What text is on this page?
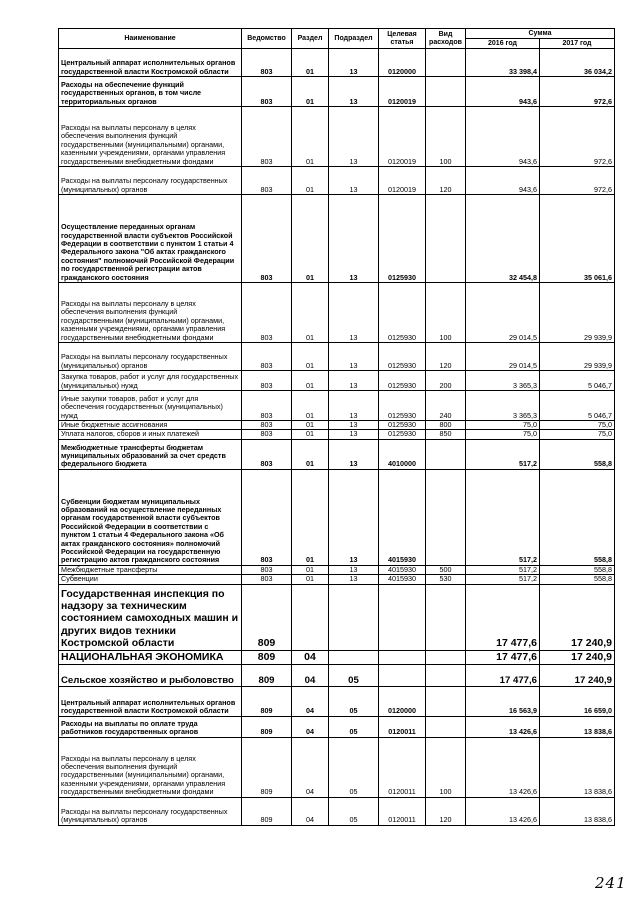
Наименование	Ведомство	Раздел	Подраздел	Целевая статья	Вид расходов	Сумма	
						2016 год	2017 год
Центральный аппарат исполнительных органов государственной власти Костромской области	803	01	13	0120000		33 398,4	36 034,2
Расходы на обеспечение функций государственных органов, в том числе территориальных органов	803	01	13	0120019		943,6	972,6
Расходы на выплаты персоналу в целях обеспечения выполнения функций государственными (муниципальными) органами, казенными учреждениями, органами управления государственными внебюджетными фондами	803	01	13	0120019	100	943,6	972,6
Расходы на выплаты персоналу государственных (муниципальных) органов	803	01	13	0120019	120	943,6	972,6
Осуществление переданных органам государственной власти субъектов Российской Федерации в соответствии с пунктом 1 статьи 4 Федерального закона "Об актах гражданского состояния" полномочий Российской Федерации по государственной регистрации актов гражданского состояния	803	01	13	0125930		32 454,8	35 061,6
Расходы на выплаты персоналу в целях обеспечения выполнения функций государственными (муниципальными) органами, казенными учреждениями, органами управления государственными внебюджетными фондами	803	01	13	0125930	100	29 014,5	29 939,9
Расходы на выплаты персоналу государственных (муниципальных) органов	803	01	13	0125930	120	29 014,5	29 939,9
Закупка товаров, работ и услуг для государственных (муниципальных) нужд	803	01	13	0125930	200	3 365,3	5 046,7
Иные закупки товаров, работ и услуг для обеспечения государственных (муниципальных) нужд	803	01	13	0125930	240	3 365,3	5 046,7
Иные бюджетные ассигнования	803	01	13	0125930	800	75,0	75,0
Уплата налогов, сборов и иных платежей	803	01	13	0125930	850	75,0	75,0
Межбюджетные трансферты бюджетам муниципальных образований за счет средств федерального бюджета	803	01	13	4010000		517,2	558,8
Субвенции бюджетам муниципальных образований на осуществление переданных органам государственной власти субъектов Российской Федерации в соответствии с пунктом 1 статьи 4 Федерального закона «Об актах гражданского состояния» полномочий Российской Федерации на государственную регистрацию актов гражданского состояния	803	01	13	4015930		517,2	558,8
Межбюджетные трансферты	803	01	13	4015930	500	517,2	558,8
Субвенции	803	01	13	4015930	530	517,2	558,8
Государственная инспекция по надзору за техническим состоянием самоходных машин и других видов техники Костромской области	809					17 477,6	17 240,9
НАЦИОНАЛЬНАЯ ЭКОНОМИКА	809	04				17 477,6	17 240,9
Сельское хозяйство и рыболовство	809	04	05			17 477,6	17 240,9
Центральный аппарат исполнительных органов государственной власти Костромской области	809	04	05	0120000		16 563,9	16 659,0
Расходы на выплаты по оплате труда работников государственных органов	809	04	05	0120011		13 426,6	13 838,6
Расходы на выплаты персоналу в целях обеспечения выполнения функций государственными (муниципальными) органами, казенными учреждениями, органами управления государственными внебюджетными фондами	809	04	05	0120011	100	13 426,6	13 838,6
Расходы на выплаты персоналу государственных (муниципальных) органов	809	04	05	0120011	120	13 426,6	13 838,6
241
